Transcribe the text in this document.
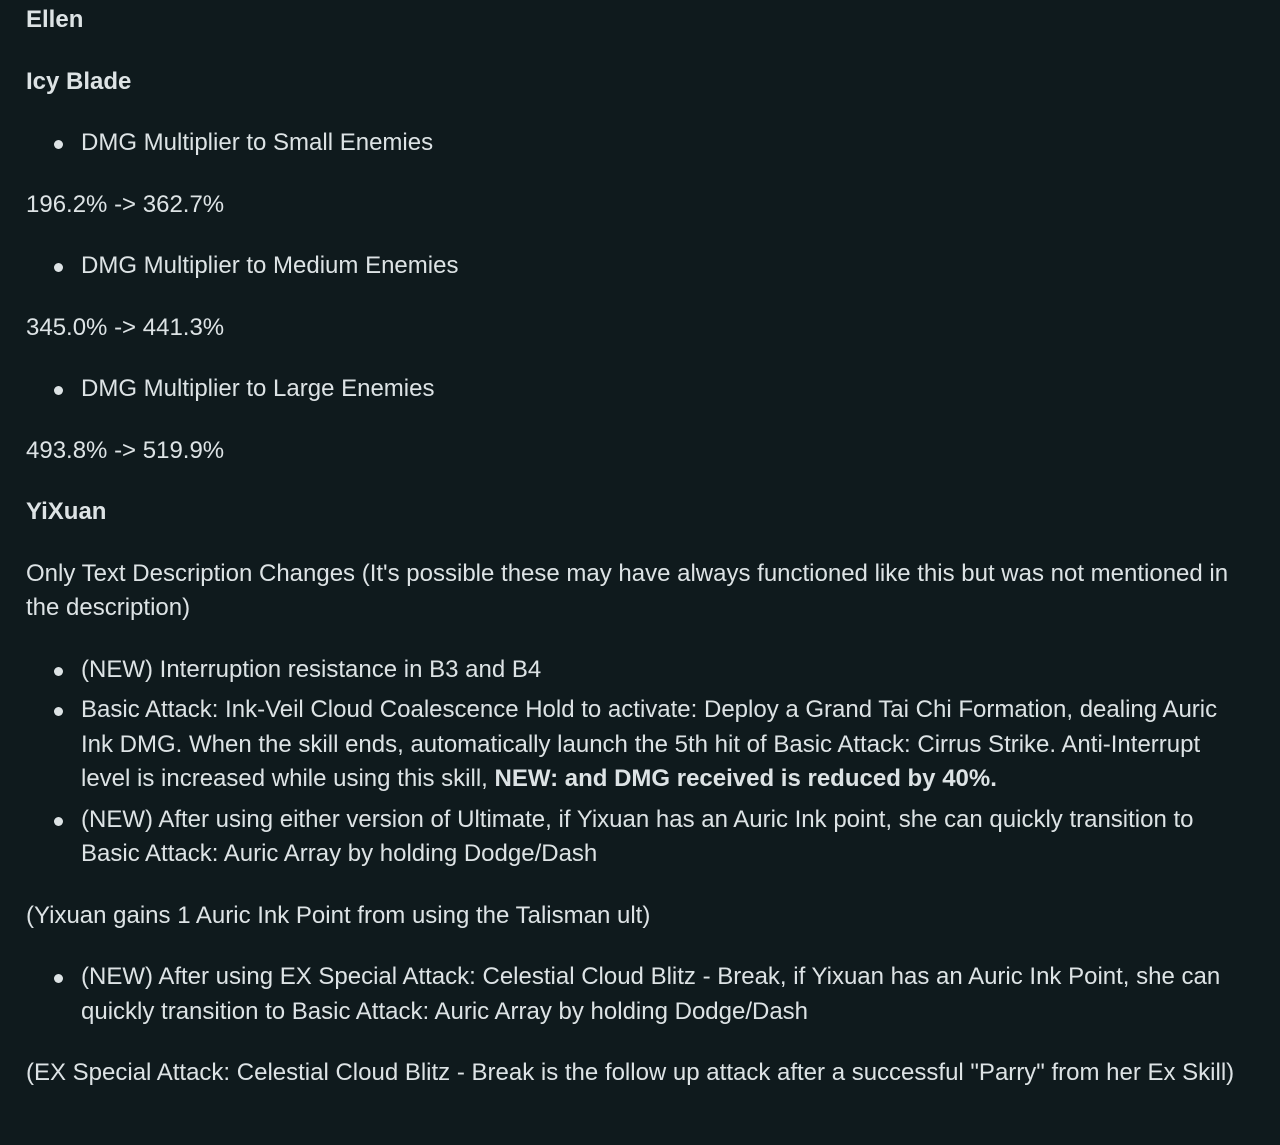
Ellen
Icy Blade
DMG Multiplier to Small Enemies
196.2% -> 362.7%
DMG Multiplier to Medium Enemies
345.0% -> 441.3%
DMG Multiplier to Large Enemies
493.8% -> 519.9%
YiXuan
Only Text Description Changes (It's possible these may have always functioned like this but was not mentioned in the description)
(NEW) Interruption resistance in B3 and B4
Basic Attack: Ink-Veil Cloud Coalescence Hold to activate: Deploy a Grand Tai Chi Formation, dealing Auric Ink DMG. When the skill ends, automatically launch the 5th hit of Basic Attack: Cirrus Strike. Anti-Interrupt level is increased while using this skill, NEW: and DMG received is reduced by 40%.
(NEW) After using either version of Ultimate, if Yixuan has an Auric Ink point, she can quickly transition to Basic Attack: Auric Array by holding Dodge/Dash
(Yixuan gains 1 Auric Ink Point from using the Talisman ult)
(NEW) After using EX Special Attack: Celestial Cloud Blitz - Break, if Yixuan has an Auric Ink Point, she can quickly transition to Basic Attack: Auric Array by holding Dodge/Dash
(EX Special Attack: Celestial Cloud Blitz - Break is the follow up attack after a successful "Parry" from her Ex Skill)
